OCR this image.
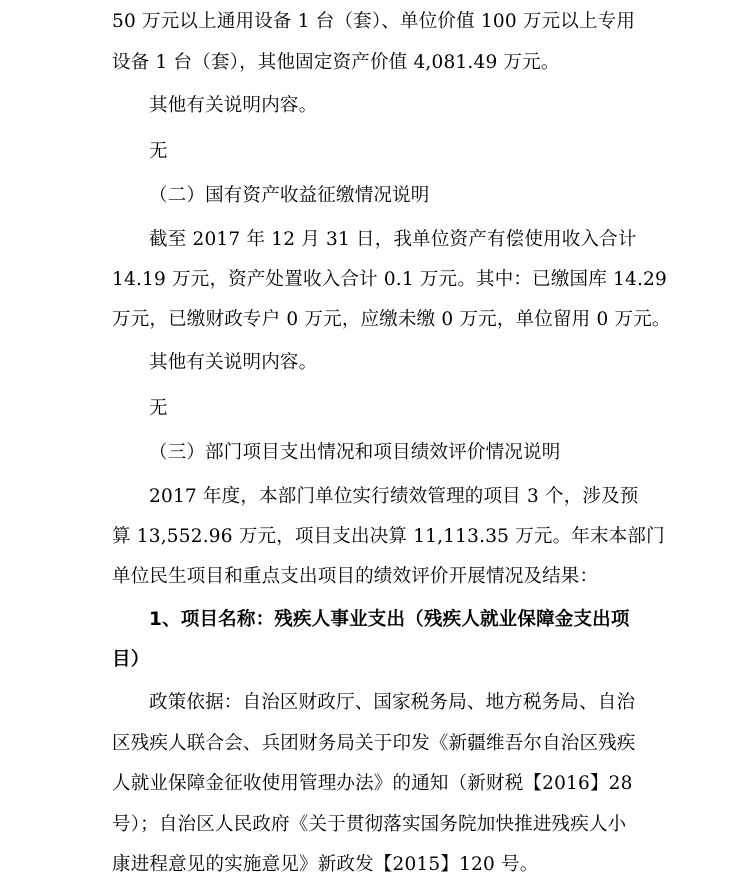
50 万元以上通用设备 1 台（套）、单位价值 100 万元以上专用
设备 1 台（套），其他固定资产价值 4,081.49 万元。
其他有关说明内容。
无
（二）国有资产收益征缴情况说明
截至 2017 年 12 月 31 日，我单位资产有偿使用收入合计
14.19 万元，资产处置收入合计 0.1 万元。其中：已缴国库 14.29
万元，已缴财政专户 0 万元，应缴未缴 0 万元，单位留用 0 万元。
其他有关说明内容。
无
（三）部门项目支出情况和项目绩效评价情况说明
2017 年度，本部门单位实行绩效管理的项目 3 个，涉及预
算 13,552.96 万元，项目支出决算 11,113.35 万元。年末本部门
单位民生项目和重点支出项目的绩效评价开展情况及结果：
1、项目名称：残疾人事业支出（残疾人就业保障金支出项
目）
政策依据：自治区财政厅、国家税务局、地方税务局、自治
区残疾人联合会、兵团财务局关于印发《新疆维吾尔自治区残疾
人就业保障金征收使用管理办法》的通知（新财税【2016】28
号）；自治区人民政府《关于贯彻落实国务院加快推进残疾人小
康进程意见的实施意见》新政发【2015】120 号。
